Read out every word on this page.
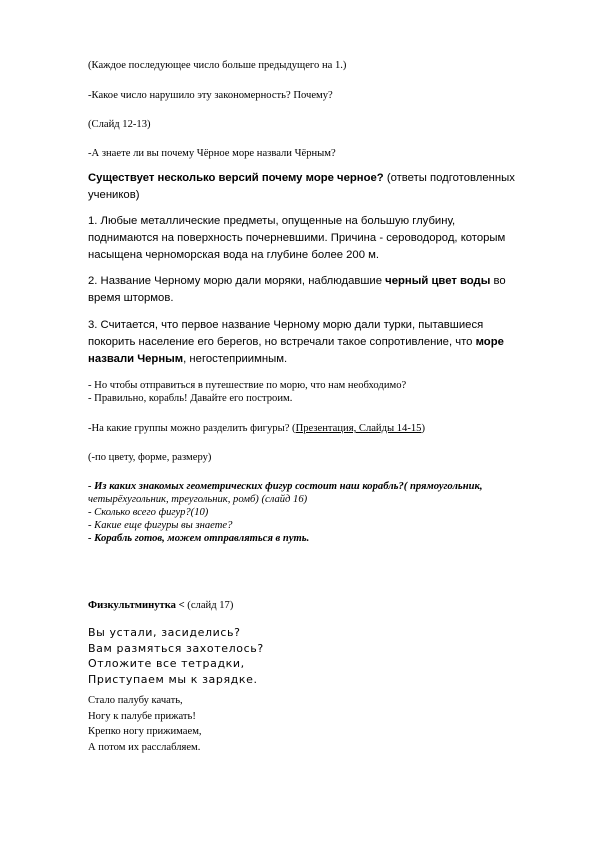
(Каждое последующее число больше предыдущего на 1.)

-Какое число нарушило эту закономерность? Почему?

(Слайд 12-13)

-А знаете ли вы почему Чёрное море назвали Чёрным?

Существует несколько версий почему море черное? (ответы подготовленных
учеников)

1. Любые металлические предметы, опущенные на большую глубину,
поднимаются на поверхность почерневшими. Причина - сероводород, которым
насыщена черноморская вода на глубине более 200 м.

2. Название Черному морю дали моряки, наблюдавшие черный цвет воды во
время штормов.

3. Считается, что первое название Черному морю дали турки, пытавшиеся
покорить население его берегов, но встречали такое сопротивление, что море
назвали Черным, негостеприимным.

- Но чтобы отправиться в путешествие по морю, что нам необходимо?
- Правильно, корабль! Давайте его построим.

-На какие группы можно разделить фигуры? (Презентация, Слайды 14-15)

(-по цвету, форме, размеру)

- Из каких знакомых геометрических фигур состоит наш корабль?( прямоугольник,
четырёхугольник, треугольник, ромб) (слайд 16)
- Сколько всего фигур?(10)
- Какие еще фигуры вы знаете?
- Корабль готов, можем отправляться в путь.

Физкультминутка < (слайд 17)

Вы устали, засиделись?
Вам размяться захотелось?
Отложите все тетрадки,
Приступаем мы к зарядке.

Стало палубу качать,
Ногу к палубе прижать!
Крепко ногу прижимаем,
А потом их расслабляем.
